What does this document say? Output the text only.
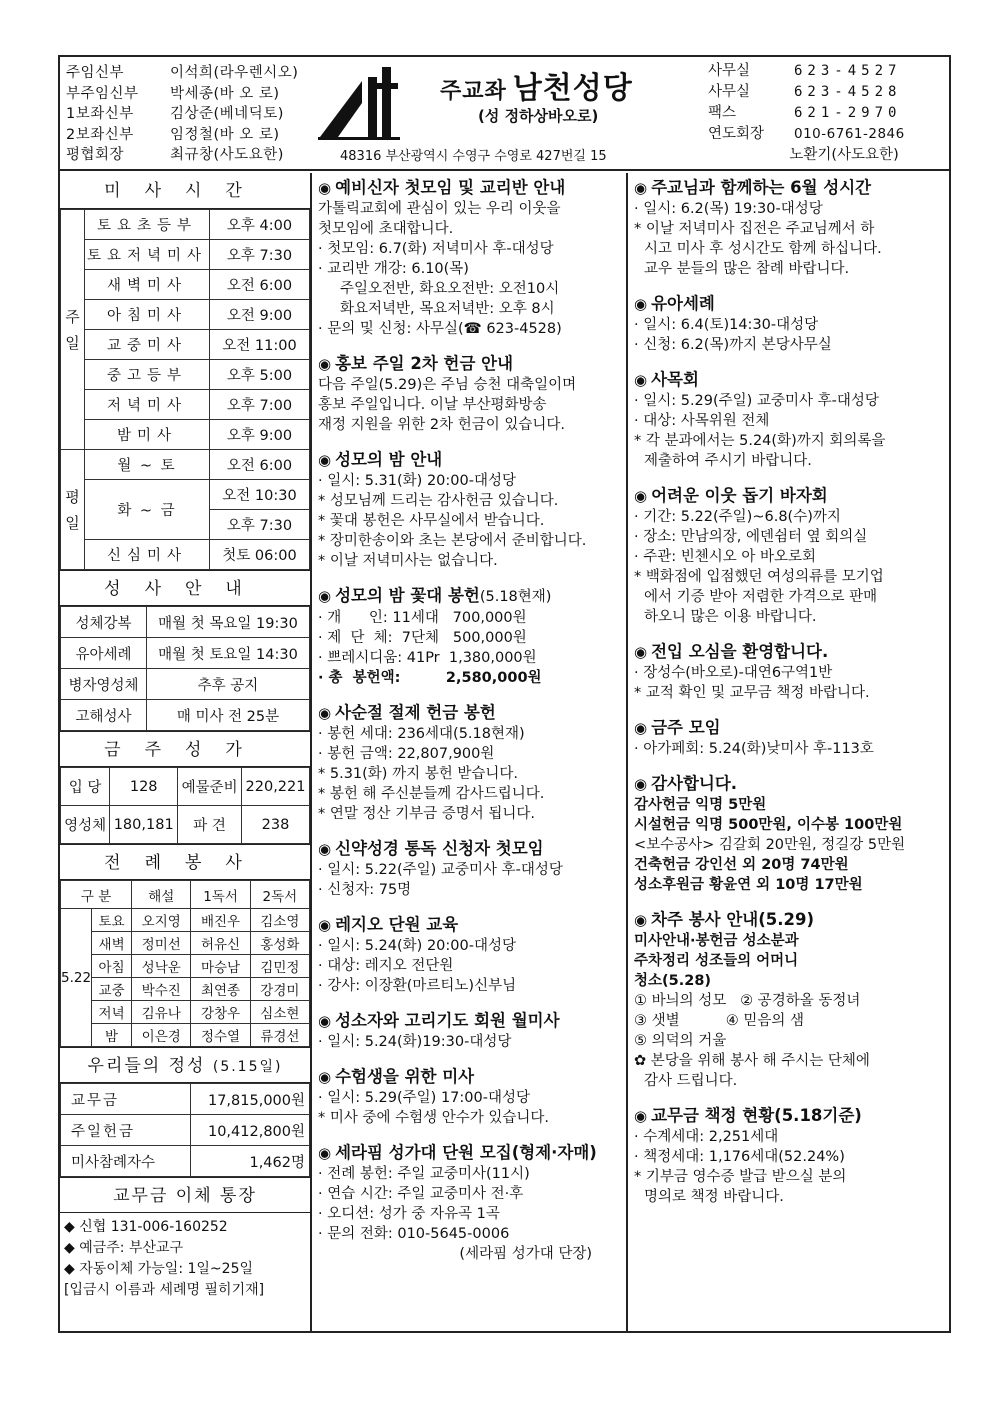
주임신부	이석희(라우렌시오)
부주임신부 박세종(바 오 로)
1보좌신부 김상준(베네딕토)
2보좌신부 임정철(바 오 로)
평협회장	최규창(사도요한)
주교좌 남천성당
(성 정하상바오로)
48316 부산광역시 수영구 수영로 427번길 15
사무실	623-4527
사무실	623-4528
팩스	621-2970
연도회장 010-6761-2846
노환기(사도요한)
미사시간
주
일	토요초등부	오후 4:00
	토요저녁미사	오후 7:30
	새벽미사	오전 6:00
	아침미사	오전 9:00
	교중미사	오전 11:00
	중고등부	오후 5:00
	저녁미사	오후 7:00
	밤미사	오후 9:00
평
일	월 ~ 토	오전 6:00
	화 ~ 금	오전 10:30
		오후 7:30
	신심미사	첫토 06:00
성사안내
성체강복	매월 첫 목요일 19:30
유아세례	매월 첫 토요일 14:30
병자영성체	추후 공지
고해성사	매 미사 전 25분
금주성가
입 당	128	예물준비	220,221
영성체	180,181	파 견	238
전례봉사
구 분		해설	1독서	2독서
5.22	토요	오지영	배진우	김소영
	새벽	정미선	허유신	홍성화
	아침	성낙운	마승남	김민정
	교중	박수진	최연종	강경미
	저녁	김유나	강창우	심소현
	밤	이은경	정수열	류경선
우리들의 정성 (5.15일)
교무금	17,815,000원
주일헌금	10,412,800원
미사참례자수	1,462명
교무금 이체 통장
◆ 신협 131-006-160252
◆ 예금주: 부산교구
◆ 자동이체 가능일: 1일~25일
[입금시 이름과 세례명 필히기재]
◉ 예비신자 첫모임 및 교리반 안내
가톨릭교회에 관심이 있는 우리 이웃을
첫모임에 초대합니다.
· 첫모임: 6.7(화) 저녁미사 후-대성당
· 교리반 개강: 6.10(목)
주일오전반, 화요오전반: 오전10시
화요저녁반, 목요저녁반: 오후 8시
· 문의 및 신청: 사무실(☎ 623-4528)
◉ 홍보 주일 2차 헌금 안내
다음 주일(5.29)은 주님 승천 대축일이며
홍보 주일입니다. 이날 부산평화방송
재정 지원을 위한 2차 헌금이 있습니다.
◉ 성모의 밤 안내
· 일시: 5.31(화) 20:00-대성당
* 성모님께 드리는 감사헌금 있습니다.
* 꽃대 봉헌은 사무실에서 받습니다.
* 장미한송이와 초는 본당에서 준비합니다.
* 이날 저녁미사는 없습니다.
◉ 성모의 밤 꽃대 봉헌(5.18현재)
· 개      인: 11세대   700,000원
· 제  단  체:  7단체   500,000원
· 쁘레시디움: 41Pr  1,380,000원
· 총  봉헌액:         2,580,000원
◉ 사순절 절제 헌금 봉헌
· 봉헌 세대: 236세대(5.18현재)
· 봉헌 금액: 22,807,900원
* 5.31(화) 까지 봉헌 받습니다.
* 봉헌 해 주신분들께 감사드립니다.
* 연말 정산 기부금 증명서 됩니다.
◉ 신약성경 통독 신청자 첫모임
· 일시: 5.22(주일) 교중미사 후-대성당
· 신청자: 75명
◉ 레지오 단원 교육
· 일시: 5.24(화) 20:00-대성당
· 대상: 레지오 전단원
· 강사: 이장환(마르티노)신부님
◉ 성소자와 고리기도 회원 월미사
· 일시: 5.24(화)19:30-대성당
◉ 수험생을 위한 미사
· 일시: 5.29(주일) 17:00-대성당
* 미사 중에 수험생 안수가 있습니다.
◉ 세라핌 성가대 단원 모집(형제·자매)
· 전례 봉헌: 주일 교중미사(11시)
· 연습 시간: 주일 교중미사 전·후
· 오디션: 성가 중 자유곡 1곡
· 문의 전화: 010-5645-0006
(세라핌 성가대 단장)
◉ 주교님과 함께하는 6월 성시간
· 일시: 6.2(목) 19:30-대성당
* 이날 저녁미사 집전은 주교님께서 하
시고 미사 후 성시간도 함께 하십니다.
교우 분들의 많은 참례 바랍니다.
◉ 유아세례
· 일시: 6.4(토)14:30-대성당
· 신청: 6.2(목)까지 본당사무실
◉ 사목회
· 일시: 5.29(주일) 교중미사 후-대성당
· 대상: 사목위원 전체
* 각 분과에서는 5.24(화)까지 회의록을
제출하여 주시기 바랍니다.
◉ 어려운 이웃 돕기 바자회
· 기간: 5.22(주일)~6.8(수)까지
· 장소: 만남의장, 에덴쉼터 옆 회의실
· 주관: 빈첸시오 아 바오로회
* 백화점에 입점했던 여성의류를 모기업
에서 기증 받아 저렴한 가격으로 판매
하오니 많은 이용 바랍니다.
◉ 전입 오심을 환영합니다.
· 장성수(바오로)-대연6구역1반
* 교적 확인 및 교무금 책정 바랍니다.
◉ 금주 모임
· 아가페회: 5.24(화)낮미사 후-113호
◉ 감사합니다.
감사헌금 익명 5만원
시설헌금 익명 500만원, 이수봉 100만원
<보수공사> 김갈회 20만원, 정길강 5만원
건축헌금 강인선 외 20명 74만원
성소후원금 황윤연 외 10명 17만원
◉ 차주 봉사 안내(5.29)
미사안내·봉헌금 성소분과
주차정리 성조들의 어머니
청소(5.28)
① 바늬의 성모   ② 공경하올 동정녀
③ 샛별          ④ 믿음의 샘
⑤ 의덕의 거울
✿ 본당을 위해 봉사 해 주시는 단체에
감사 드립니다.
◉ 교무금 책정 현황(5.18기준)
· 수계세대: 2,251세대
· 책정세대: 1,176세대(52.24%)
* 기부금 영수증 발급 받으실 분의
명의로 책정 바랍니다.
